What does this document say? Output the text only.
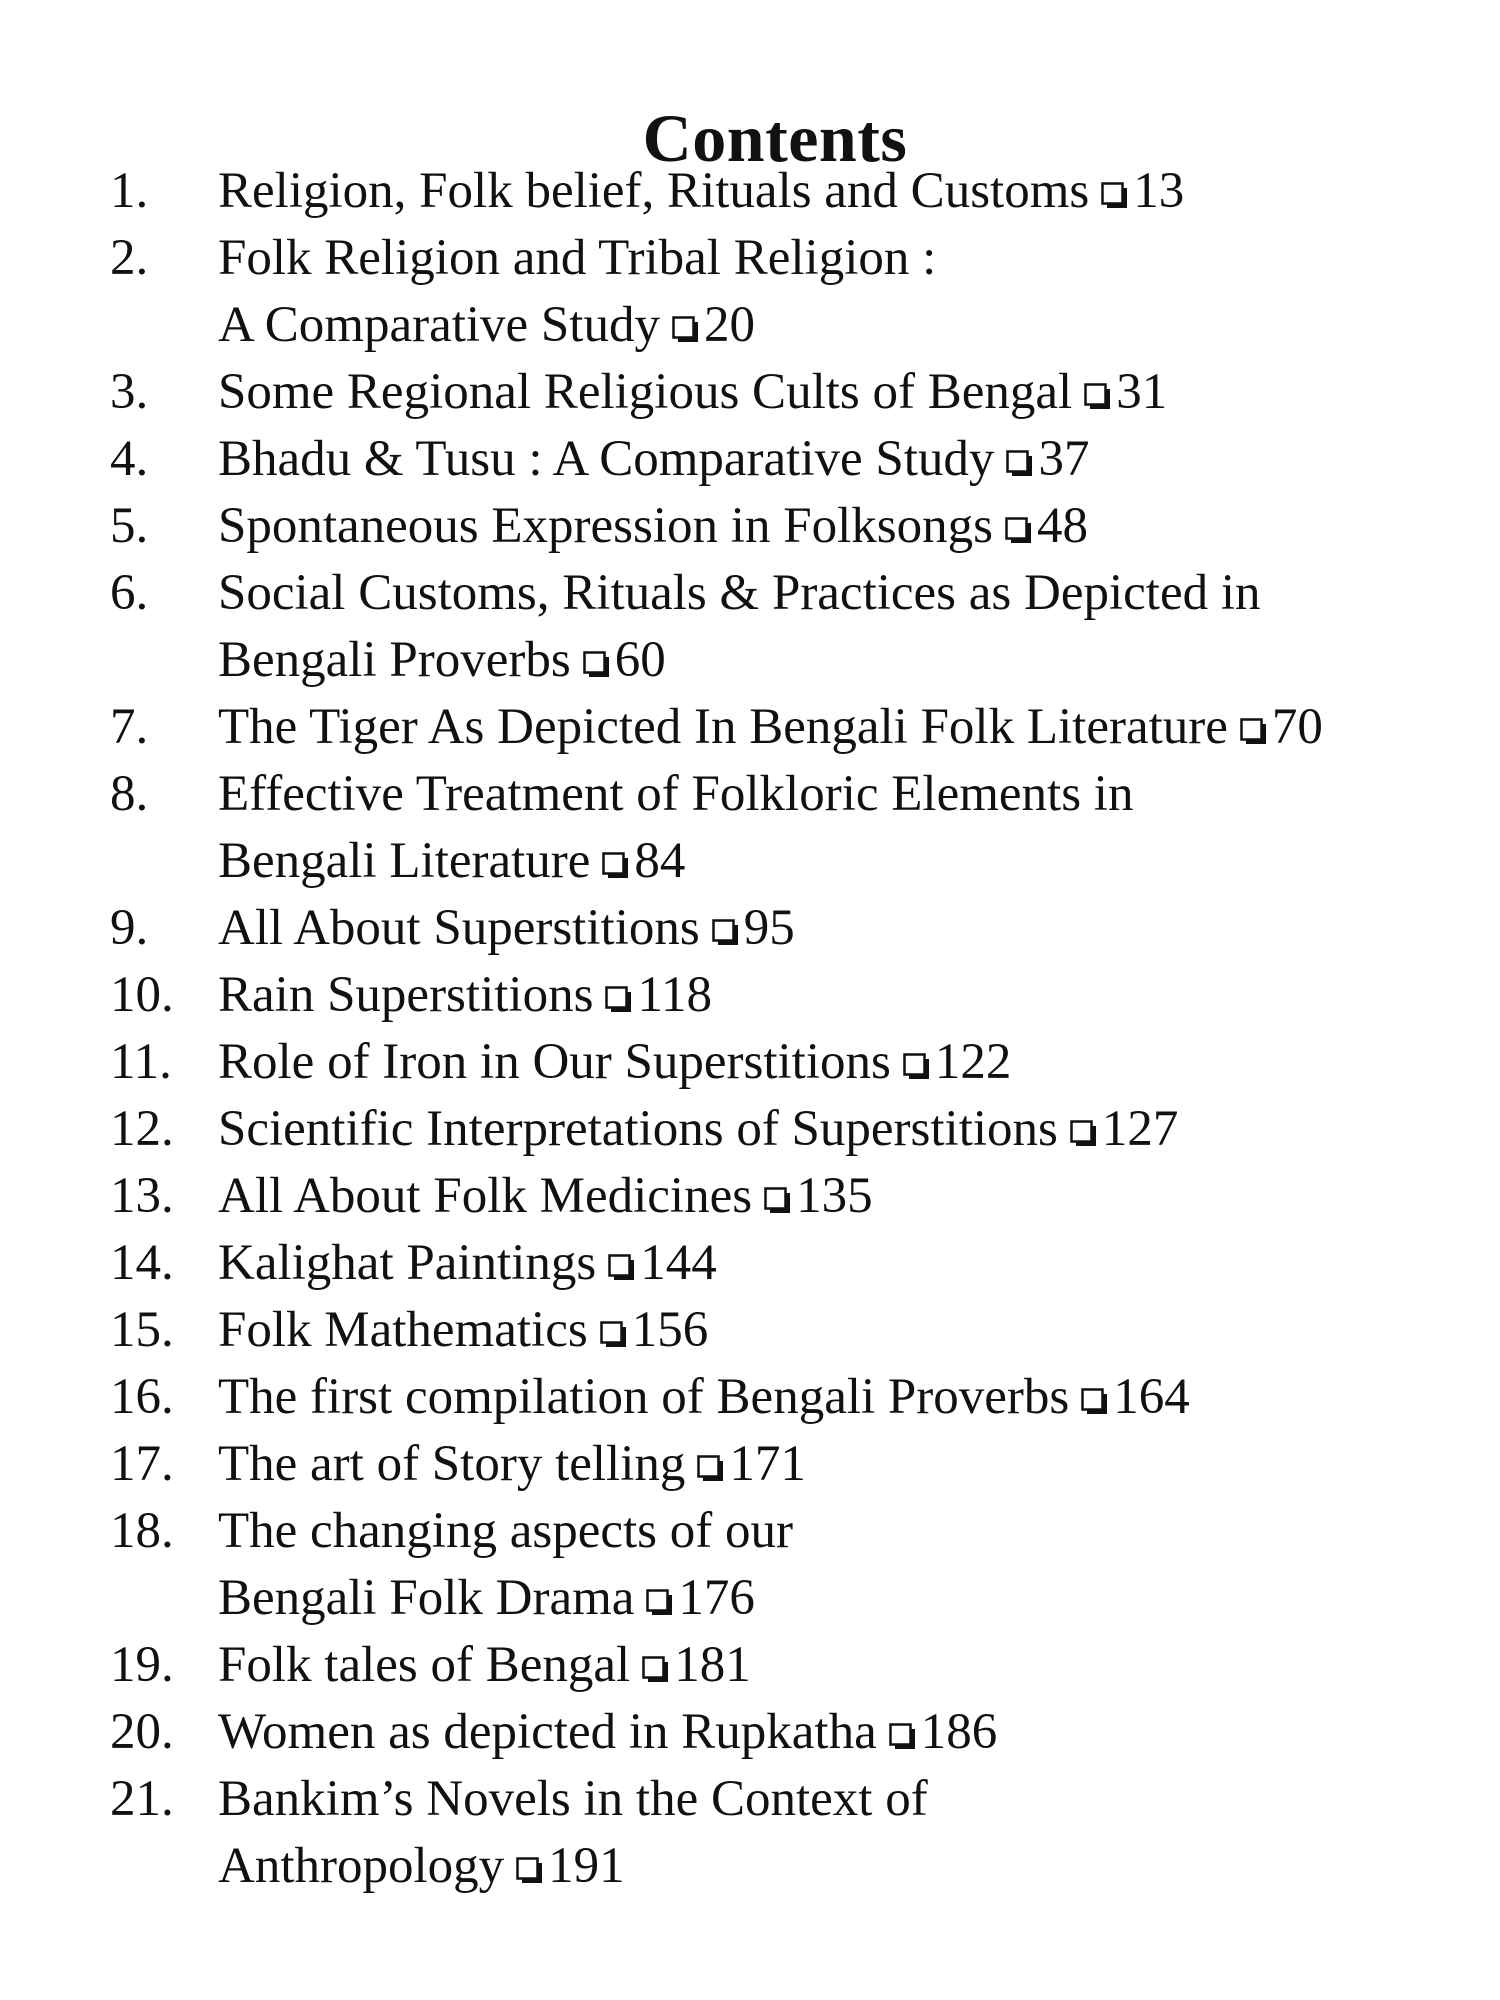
Contents
1.	Religion, Folk belief, Rituals and Customs 13
2.	Folk Religion and Tribal Religion :
A Comparative Study 20
3.	Some Regional Religious Cults of Bengal 31
4.	Bhadu & Tusu : A Comparative Study 37
5.	Spontaneous Expression in Folksongs 48
6.	Social Customs, Rituals & Practices as Depicted in
Bengali Proverbs 60
7.	The Tiger As Depicted In Bengali Folk Literature 70
8.	Effective Treatment of Folkloric Elements in
Bengali Literature 84
9.	All About Superstitions 95
10. Rain Superstitions 118
11. Role of Iron in Our Superstitions 122
12. Scientific Interpretations of Superstitions 127
13. All About Folk Medicines 135
14. Kalighat Paintings 144
15. Folk Mathematics 156
16. The first compilation of Bengali Proverbs 164
17. The art of Story telling 171
18. The changing aspects of our
Bengali Folk Drama 176
19. Folk tales of Bengal 181
20. Women as depicted in Rupkatha 186
21. Bankim’s Novels in the Context of
Anthropology 191
